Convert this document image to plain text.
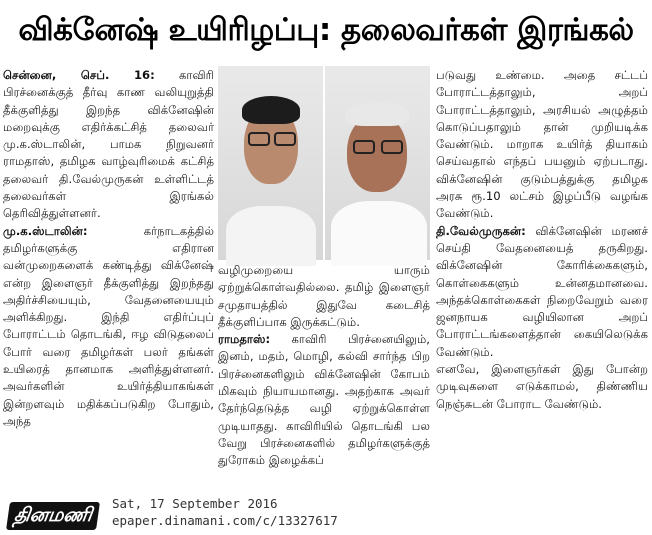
விக்னேஷ் உயிரிழப்பு: தலைவர்கள் இரங்கல்

சென்னை, செப். 16: காவிரி பிரச்னைக்குத் தீர்வு காண வலியுறுத்தி தீக்குளித்து இறந்த விக்னேஷின் மறைவுக்கு எதிர்க்கட்சித் தலைவர் மு.க.ஸ்டாலின், பாமக நிறுவனர் ராமதாஸ், தமிழக வாழ்வுரிமைக் கட்சித் தலைவர் தி.வேல்முருகன் உள்ளிட்டத் தலைவர்கள் இரங்கல் தெரிவித்துள்ளனர்.

மு.க.ஸ்டாலின்: கர்நாடகத்தில் தமிழர்களுக்கு எதிரான வன்முறைகளைக் கண்டித்து விக்னேஷ் என்ற இளைஞர் தீக்குளித்து இறந்தது அதிர்ச்சியையும், வேதனையையும் அளிக்கிறது. இந்தி எதிர்ப்புப் போராட்டம் தொடங்கி, ஈழ விடுதலைப் போர் வரை தமிழர்கள் பலர் தங்கள் உயிரைத் தானமாக அளித்துள்ளனர். அவர்களின் உயிர்த்தியாகங்கள் இன்றளவும் மதிக்கப்படுகிற போதும், அந்த

வழிமுறையை யாரும் ஏற்றுக்கொள்வதில்லை. தமிழ் இளைஞர் சமுதாயத்தில் இதுவே கடைசித் தீக்குளிப்பாக இருக்கட்டும்.

ராமதாஸ்: காவிரி பிரச்னையிலும், இனம், மதம், மொழி, கல்வி சார்ந்த பிற பிரச்னைகளிலும் விக்னேஷின் கோபம் மிகவும் நியாயமானது. அதற்காக அவர் தேர்ந்தெடுத்த வழி ஏற்றுக்கொள்ள முடியாதது. காவிரியில் தொடங்கி பல வேறு பிரச்னைகளில் தமிழர்களுக்குத் துரோகம் இழைக்கப்

படுவது உண்மை. அதை சட்டப் போராட்டத்தாலும், அறப் போராட்டத்தாலும், அரசியல் அழுத்தம் கொடுப்பதாலும் தான் முறியடிக்க வேண்டும். மாறாக உயிர்த் தியாகம் செய்வதால் எந்தப் பயனும் ஏற்படாது. விக்னேஷின் குடும்பத்துக்கு தமிழக அரசு ரூ.10 லட்சம் இழப்பீடு வழங்க வேண்டும்.

தி.வேல்முருகன்: விக்னேஷின் மரணச் செய்தி வேதனையைத் தருகிறது. விக்னேஷின் கோரிக்கைகளும், கொள்கைகளும் உன்னதமானவை. அந்தக்கொள்கைகள் நிறைவேறும் வரை ஜனநாயக வழியிலான அறப் போராட்டங்களைத்தான் கையிலெடுக்க வேண்டும்.

எனவே, இளைஞர்கள் இது போன்ற முடிவுகளை எடுக்காமல், திண்ணிய நெஞ்சுடன் போராட வேண்டும்.

தினமணி	Sat, 17 September 2016
epaper.dinamani.com/c/13327617
